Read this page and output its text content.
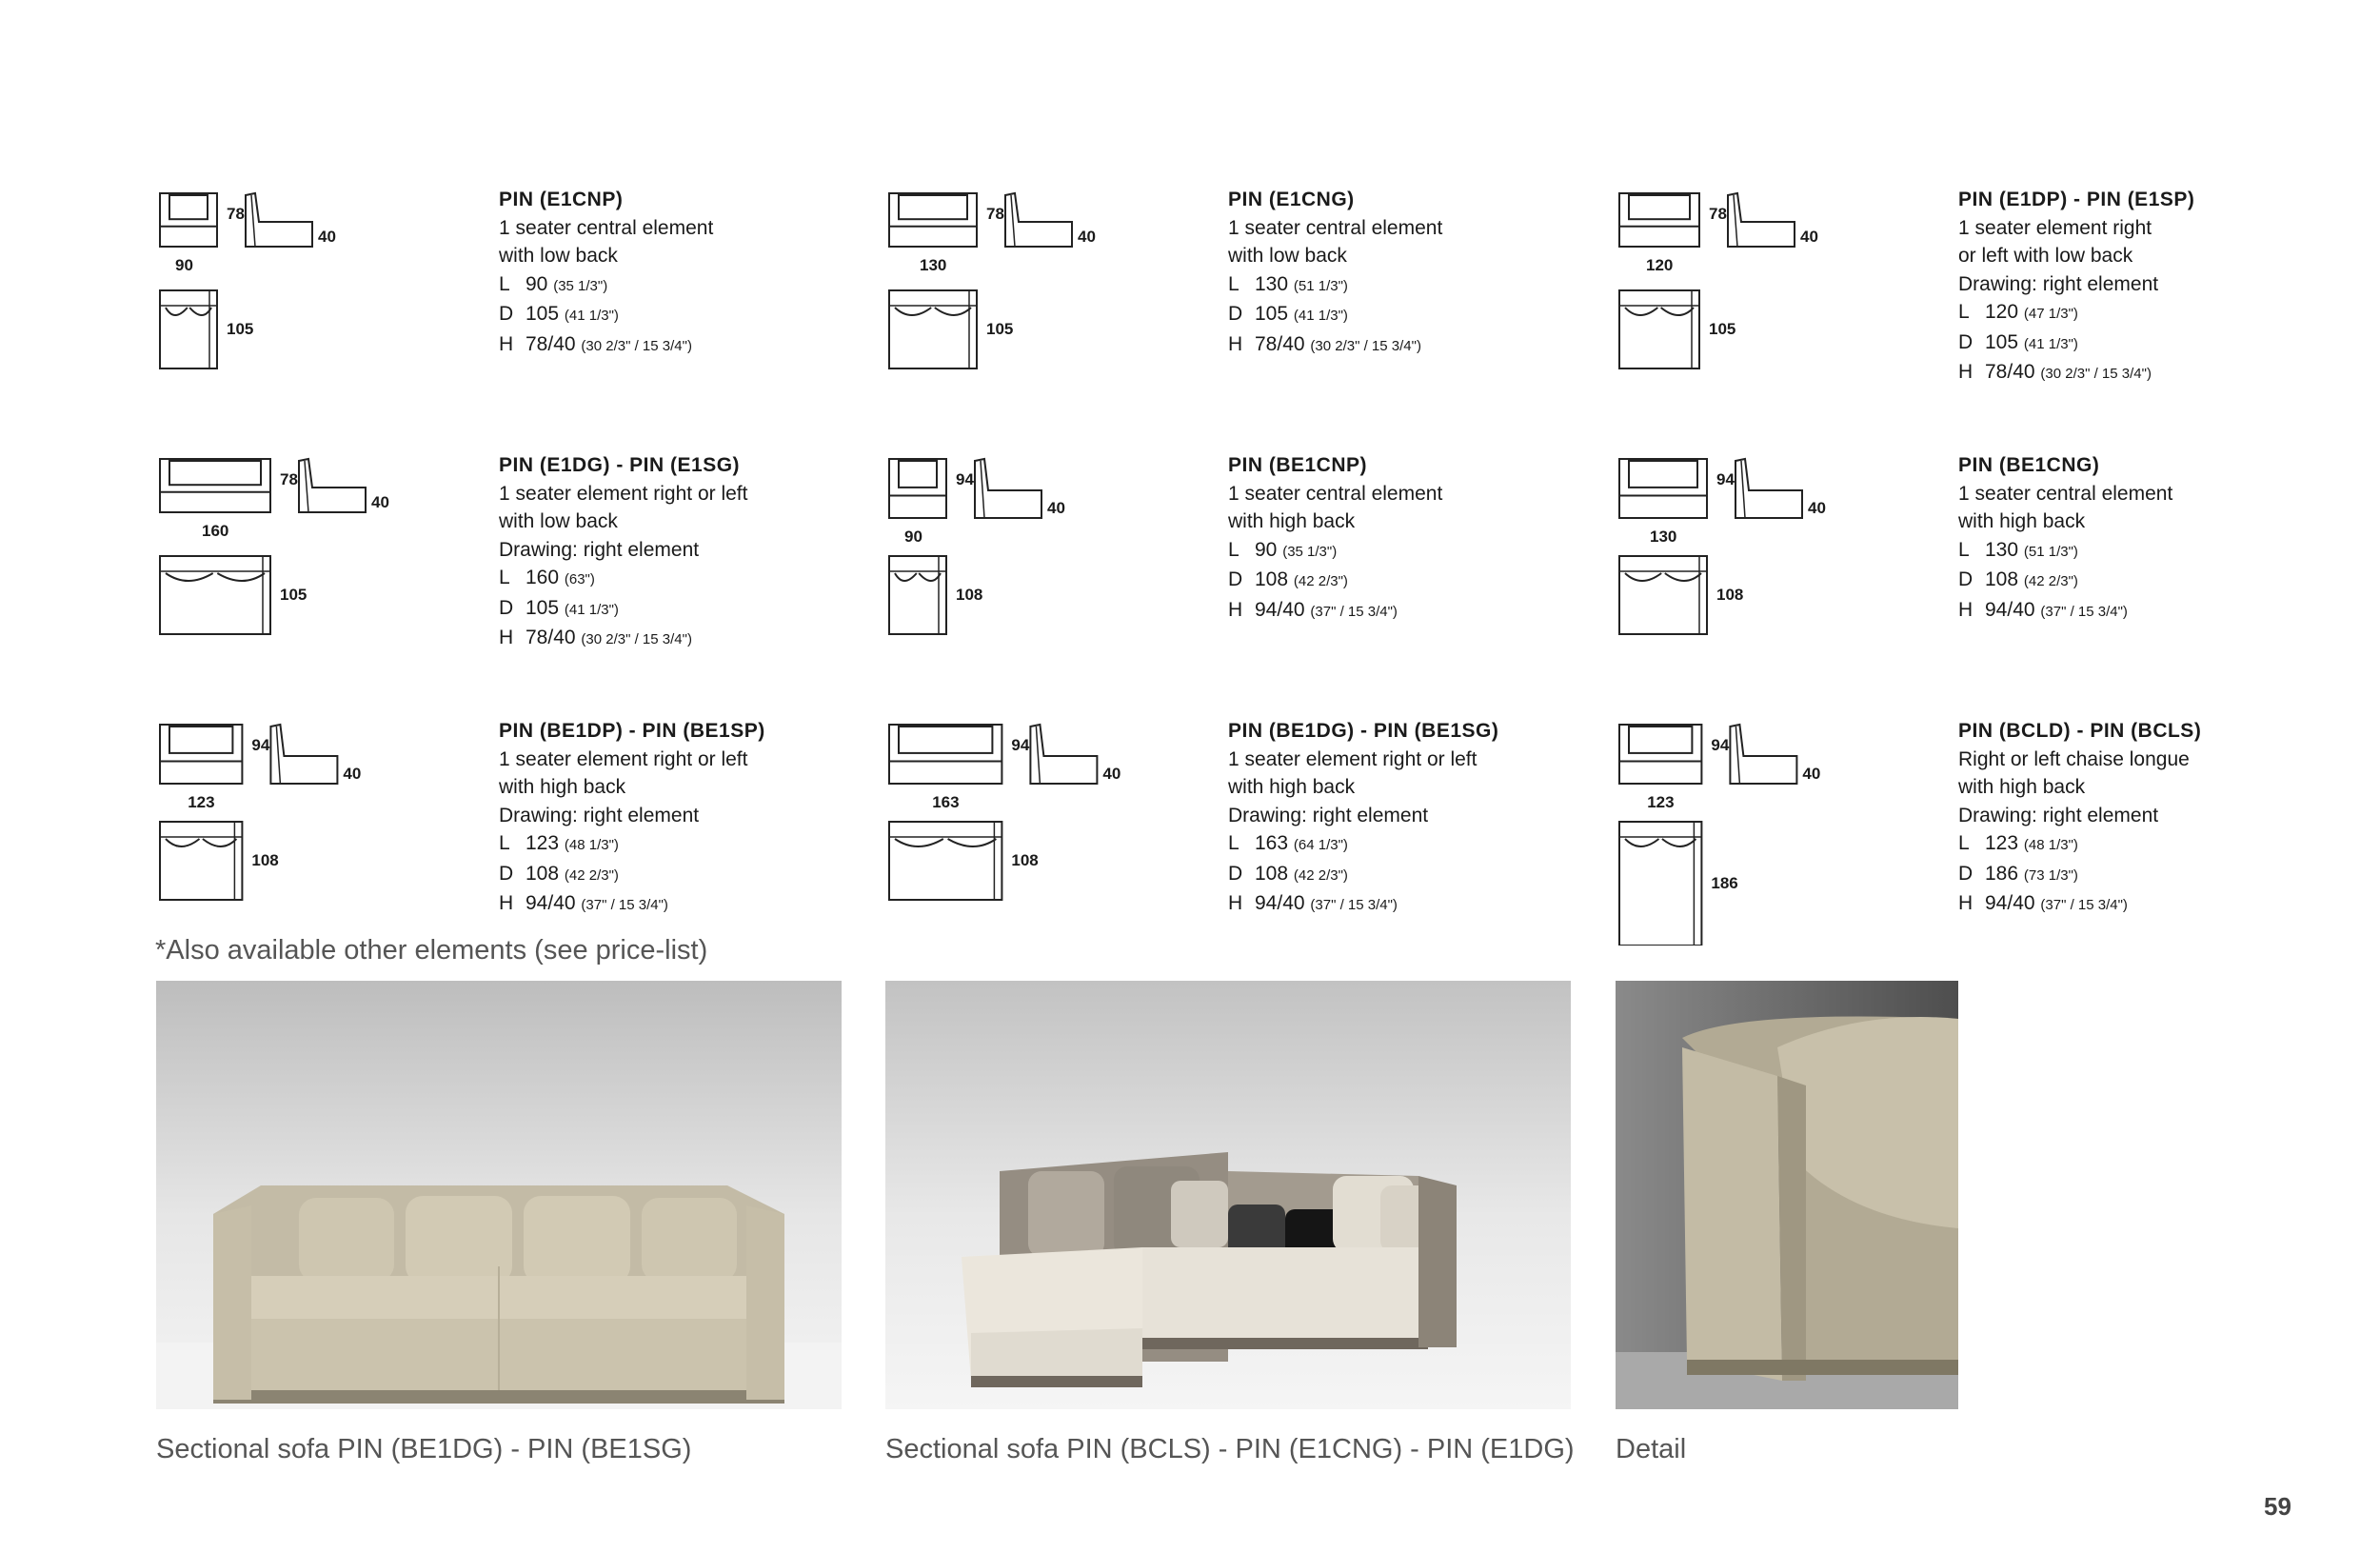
78
40
90
105
PIN (E1CNP)
1 seater central element
with low back
L 90 (35 1/3")
D 105 (41 1/3")
H 78/40 (30 2/3" / 15 3/4")
78
40
130
105
PIN (E1CNG)
1 seater central element
with low back
L 130 (51 1/3")
D 105 (41 1/3")
H 78/40 (30 2/3" / 15 3/4")
78
40
120
105
PIN (E1DP) - PIN (E1SP)
1 seater element right
or left with low back
Drawing: right element
L 120 (47 1/3")
D 105 (41 1/3")
H 78/40 (30 2/3" / 15 3/4")
78
40
160
105
PIN (E1DG) - PIN (E1SG)
1 seater element right or left
with low back
Drawing: right element
L 160 (63")
D 105 (41 1/3")
H 78/40 (30 2/3" / 15 3/4")
94
40
90
108
PIN (BE1CNP)
1 seater central element
with high back
L 90 (35 1/3")
D 108 (42 2/3")
H 94/40 (37" / 15 3/4")
94
40
130
108
PIN (BE1CNG)
1 seater central element
with high back
L 130 (51 1/3")
D 108 (42 2/3")
H 94/40 (37" / 15 3/4")
94
40
123
108
PIN (BE1DP) - PIN (BE1SP)
1 seater element right or left
with high back
Drawing: right element
L 123 (48 1/3")
D 108 (42 2/3")
H 94/40 (37" / 15 3/4")
94
40
163
108
PIN (BE1DG) - PIN (BE1SG)
1 seater element right or left
with high back
Drawing: right element
L 163 (64 1/3")
D 108 (42 2/3")
H 94/40 (37" / 15 3/4")
94
40
123
186
PIN (BCLD) - PIN (BCLS)
Right or left chaise longue
with high back
Drawing: right element
L 123 (48 1/3")
D 186 (73 1/3")
H 94/40 (37" / 15 3/4")
*Also available other elements (see price-list)
Sectional sofa PIN (BE1DG) - PIN (BE1SG)	Sectional sofa PIN (BCLS) - PIN (E1CNG) - PIN (E1DG) Detail
59
